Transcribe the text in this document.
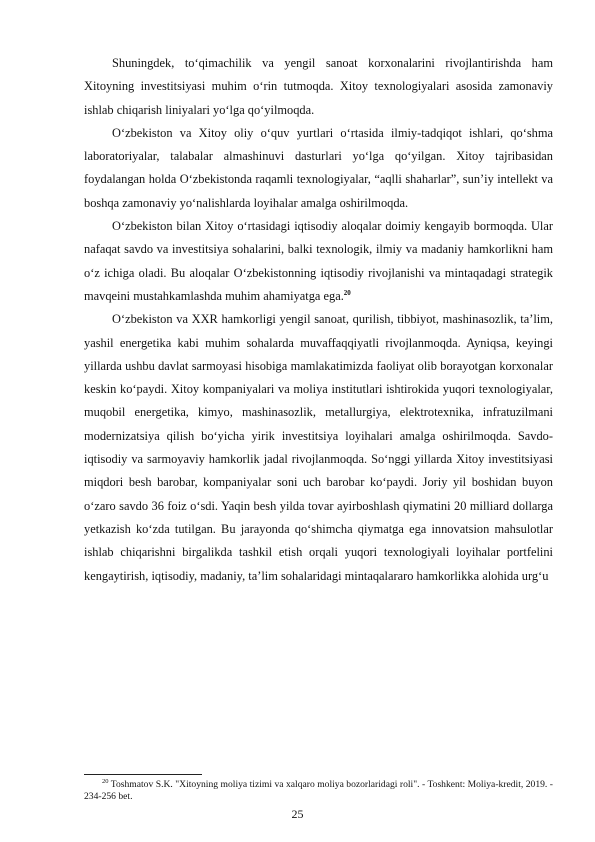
Shuningdek, to‘qimachilik va yengil sanoat korxonalarini rivojlantirishda ham Xitoyning investitsiyasi muhim o‘rin tutmoqda. Xitoy texnologiyalari asosida zamonaviy ishlab chiqarish liniyalari yo‘lga qo‘yilmoqda.

O‘zbekiston va Xitoy oliy o‘quv yurtlari o‘rtasida ilmiy-tadqiqot ishlari, qo‘shma laboratoriyalar, talabalar almashinuvi dasturlari yo‘lga qo‘yilgan. Xitoy tajribasidan foydalangan holda O‘zbekistonda raqamli texnologiyalar, “aqlli shaharlar”, sun’iy intellekt va boshqa zamonaviy yo‘nalishlarda loyihalar amalga oshirilmoqda.

O‘zbekiston bilan Xitoy o‘rtasidagi iqtisodiy aloqalar doimiy kengayib bormoqda. Ular nafaqat savdo va investitsiya sohalarini, balki texnologik, ilmiy va madaniy hamkorlikni ham o‘z ichiga oladi. Bu aloqalar O‘zbekistonning iqtisodiy rivojlanishi va mintaqadagi strategik mavqeini mustahkamlashda muhim ahamiyatga ega.$^{20}$

O‘zbekiston va XXR hamkorligi yengil sanoat, qurilish, tibbiyot, mashinasozlik, ta’lim, yashil energetika kabi muhim sohalarda muvaffaqqiyatli rivojlanmoqda. Ayniqsa, keyingi yillarda ushbu davlat sarmoyasi hisobiga mamlakatimizda faoliyat olib borayotgan korxonalar keskin ko‘paydi. Xitoy kompaniyalari va moliya institutlari ishtirokida yuqori texnologiyalar, muqobil energetika, kimyo, mashinasozlik, metallurgiya, elektrotexnika, infratuzilmani modernizatsiya qilish bo‘yicha yirik investitsiya loyihalari amalga oshirilmoqda. Savdo-iqtisodiy va sarmoyaviy hamkorlik jadal rivojlanmoqda. So‘nggi yillarda Xitoy investitsiyasi miqdori besh barobar, kompaniyalar soni uch barobar ko‘paydi. Joriy yil boshidan buyon o‘zaro savdo 36 foiz o‘sdi. Yaqin besh yilda tovar ayirboshlash qiymatini 20 milliard dollarga yetkazish ko‘zda tutilgan. Bu jarayonda qo‘shimcha qiymatga ega innovatsion mahsulotlar ishlab chiqarishni birgalikda tashkil etish orqali yuqori texnologiyali loyihalar portfelini kengaytirish, iqtisodiy, madaniy, ta’lim sohalaridagi mintaqalararo hamkorlikka alohida urg‘u

$^{20}$ Toshmatov S.K. "Xitoyning moliya tizimi va xalqaro moliya bozorlaridagi roli". - Toshkent: Moliya-kredit, 2019. - 234-256 bet.
25
